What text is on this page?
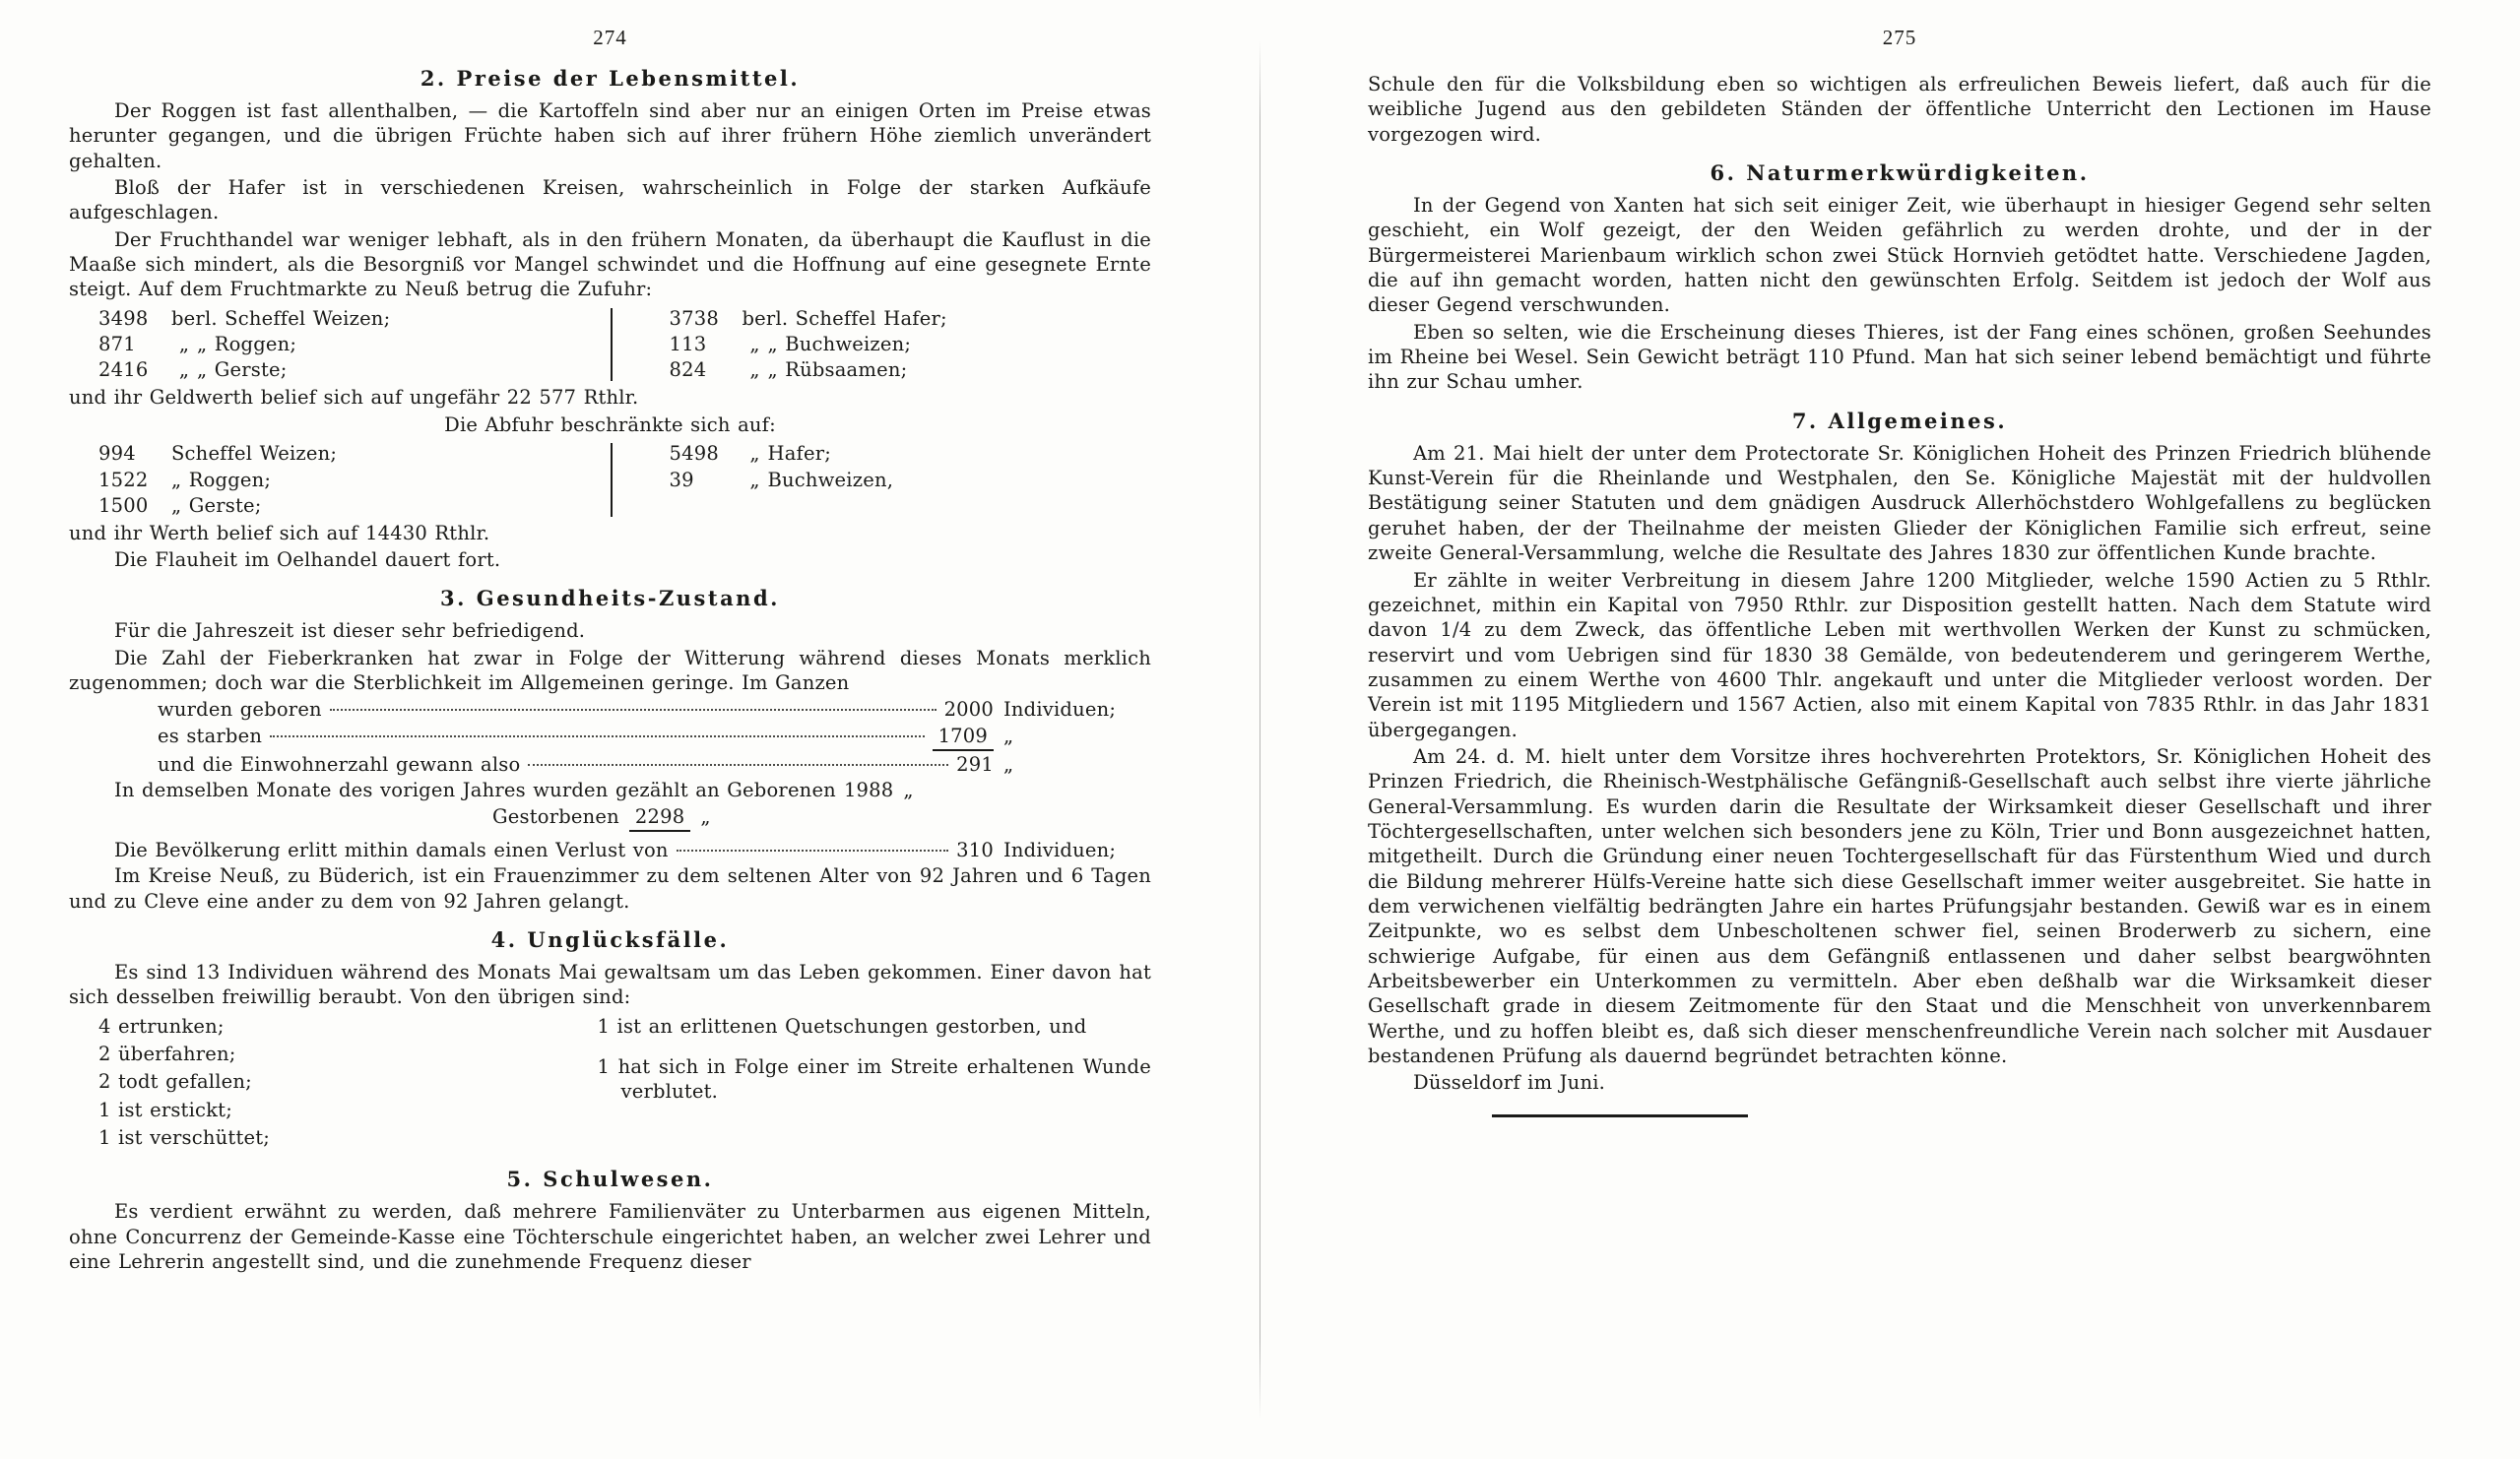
274
2. Preise der Lebensmittel.

Der Roggen ist fast allenthalben, — die Kartoffeln sind aber nur an einigen Orten im Preise etwas herunter gegangen, und die übrigen Früchte haben sich auf ihrer frühern Höhe ziemlich unverändert gehalten.

Bloß der Hafer ist in verschiedenen Kreisen, wahrscheinlich in Folge der starken Aufkäufe aufgeschlagen.

Der Fruchthandel war weniger lebhaft, als in den frühern Monaten, da überhaupt die Kauflust in die Maaße sich mindert, als die Besorgniß vor Mangel schwindet und die Hoffnung auf eine gesegnete Ernte steigt. Auf dem Fruchtmarkte zu Neuß betrug die Zufuhr:

3498	berl. Scheffel Weizen;	3738	berl. Scheffel Hafer;
871	„ „ Roggen;	113	„ „ Buchweizen;
2416	„ „ Gerste;	824	„ „ Rübsaamen;

und ihr Geldwerth belief sich auf ungefähr 22 577 Rthlr.

Die Abfuhr beschränkte sich auf:
994	Scheffel Weizen;	5498	„ Hafer;
1522	„ Roggen;	39	„ Buchweizen,
1500	„ Gerste;

und ihr Werth belief sich auf 14430 Rthlr.

Die Flauheit im Oelhandel dauert fort.

3. Gesundheits-Zustand.

Für die Jahreszeit ist dieser sehr befriedigend.

Die Zahl der Fieberkranken hat zwar in Folge der Witterung während dieses Monats merklich zugenommen; doch war die Sterblichkeit im Allgemeinen geringe. Im Ganzen

wurden geboren	2000 Individuen;
es starben	1709 „
und die Einwohnerzahl gewann also	291 „
In demselben Monate des vorigen Jahres wurden gezählt an Geborenen 1988 „
Gestorbenen 2298 „
Die Bevölkerung erlitt mithin damals einen Verlust von	310 Individuen;

Im Kreise Neuß, zu Büderich, ist ein Frauenzimmer zu dem seltenen Alter von 92 Jahren und 6 Tagen und zu Cleve eine ander zu dem von 92 Jahren gelangt.

4. Unglücksfälle.

Es sind 13 Individuen während des Monats Mai gewaltsam um das Leben gekommen. Einer davon hat sich desselben freiwillig beraubt. Von den übrigen sind:

4 ertrunken;
2 überfahren;
2 todt gefallen;
1 ist erstickt;
1 ist verschüttet;
1 ist an erlittenen Quetschungen gestorben, und
1 hat sich in Folge einer im Streite erhaltenen Wunde verblutet.
5. Schulwesen.

Es verdient erwähnt zu werden, daß mehrere Familienväter zu Unterbarmen aus eigenen Mitteln, ohne Concurrenz der Gemeinde-Kasse eine Töchterschule eingerichtet haben, an welcher zwei Lehrer und eine Lehrerin angestellt sind, und die zunehmende Frequenz dieser

275

Schule den für die Volksbildung eben so wichtigen als erfreulichen Beweis liefert, daß auch für die weibliche Jugend aus den gebildeten Ständen der öffentliche Unterricht den Lectionen im Hause vorgezogen wird.

6. Naturmerkwürdigkeiten.

In der Gegend von Xanten hat sich seit einiger Zeit, wie überhaupt in hiesiger Gegend sehr selten geschieht, ein Wolf gezeigt, der den Weiden gefährlich zu werden drohte, und der in der Bürgermeisterei Marienbaum wirklich schon zwei Stück Hornvieh getödtet hatte. Verschiedene Jagden, die auf ihn gemacht worden, hatten nicht den gewünschten Erfolg. Seitdem ist jedoch der Wolf aus dieser Gegend verschwunden.

Eben so selten, wie die Erscheinung dieses Thieres, ist der Fang eines schönen, großen Seehundes im Rheine bei Wesel. Sein Gewicht beträgt 110 Pfund. Man hat sich seiner lebend bemächtigt und führte ihn zur Schau umher.

7. Allgemeines.

Am 21. Mai hielt der unter dem Protectorate Sr. Königlichen Hoheit des Prinzen Friedrich blühende Kunst-Verein für die Rheinlande und Westphalen, den Se. Königliche Majestät mit der huldvollen Bestätigung seiner Statuten und dem gnädigen Ausdruck Allerhöchstdero Wohlgefallens zu beglücken geruhet haben, der der Theilnahme der meisten Glieder der Königlichen Familie sich erfreut, seine zweite General-Versammlung, welche die Resultate des Jahres 1830 zur öffentlichen Kunde brachte.

Er zählte in weiter Verbreitung in diesem Jahre 1200 Mitglieder, welche 1590 Actien zu 5 Rthlr. gezeichnet, mithin ein Kapital von 7950 Rthlr. zur Disposition gestellt hatten. Nach dem Statute wird davon 1/4 zu dem Zweck, das öffentliche Leben mit werthvollen Werken der Kunst zu schmücken, reservirt und vom Uebrigen sind für 1830 38 Gemälde, von bedeutenderem und geringerem Werthe, zusammen zu einem Werthe von 4600 Thlr. angekauft und unter die Mitglieder verloost worden. Der Verein ist mit 1195 Mitgliedern und 1567 Actien, also mit einem Kapital von 7835 Rthlr. in das Jahr 1831 übergegangen.

Am 24. d. M. hielt unter dem Vorsitze ihres hochverehrten Protektors, Sr. Königlichen Hoheit des Prinzen Friedrich, die Rheinisch-Westphälische Gefängniß-Gesellschaft auch selbst ihre vierte jährliche General-Versammlung. Es wurden darin die Resultate der Wirksamkeit dieser Gesellschaft und ihrer Töchtergesellschaften, unter welchen sich besonders jene zu Köln, Trier und Bonn ausgezeichnet hatten, mitgetheilt. Durch die Gründung einer neuen Tochtergesellschaft für das Fürstenthum Wied und durch die Bildung mehrerer Hülfs-Vereine hatte sich diese Gesellschaft immer weiter ausgebreitet. Sie hatte in dem verwichenen vielfältig bedrängten Jahre ein hartes Prüfungsjahr bestanden. Gewiß war es in einem Zeitpunkte, wo es selbst dem Unbescholtenen schwer fiel, seinen Broderwerb zu sichern, eine schwierige Aufgabe, für einen aus dem Gefängniß entlassenen und daher selbst beargwöhnten Arbeitsbewerber ein Unterkommen zu vermitteln. Aber eben deßhalb war die Wirksamkeit dieser Gesellschaft grade in diesem Zeitmomente für den Staat und die Menschheit von unverkennbarem Werthe, und zu hoffen bleibt es, daß sich dieser menschenfreundliche Verein nach solcher mit Ausdauer bestandenen Prüfung als dauernd begründet betrachten könne.

Düsseldorf im Juni.
